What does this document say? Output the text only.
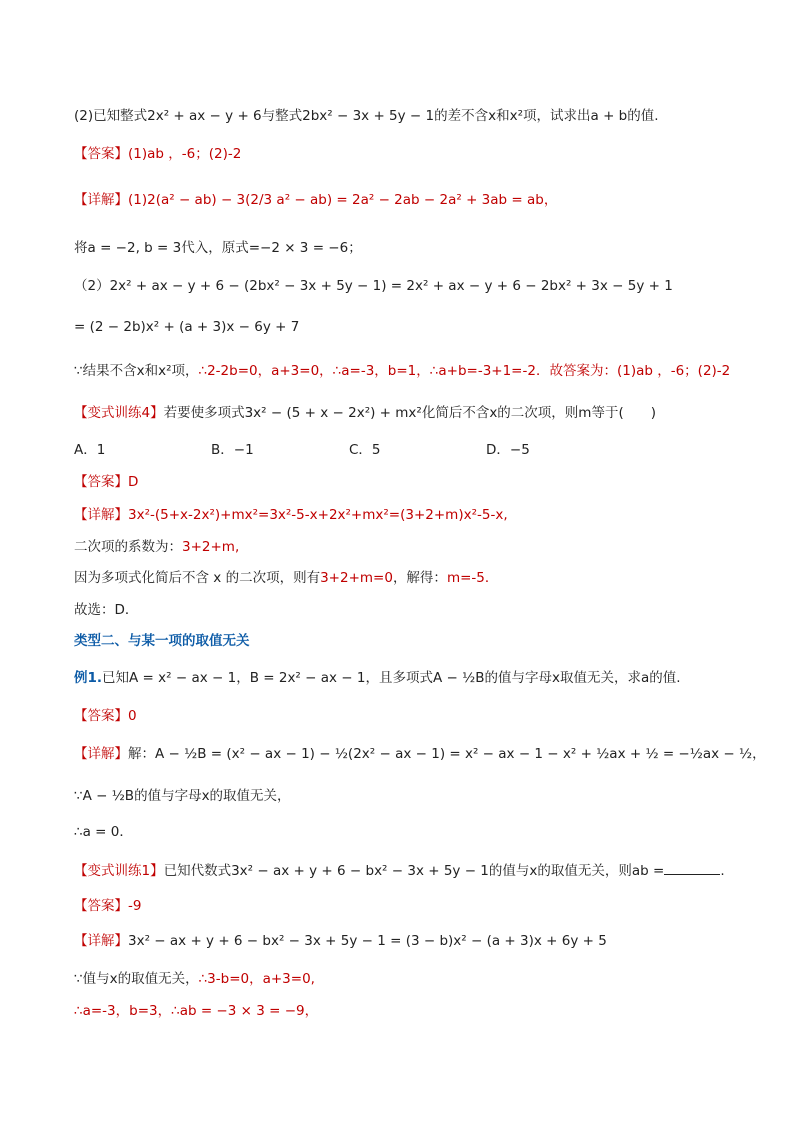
(2)已知整式2x² + ax − y + 6与整式2bx² − 3x + 5y − 1的差不含x和x²项，试求出a + b的值.
【答案】(1)ab ，-6；(2)-2
【详解】(1)2(a² − ab) − 3(2/3 a² − ab) = 2a² − 2ab − 2a² + 3ab = ab，
将a = −2, b = 3代入，原式=−2 × 3 = −6；
（2）2x² + ax − y + 6 − (2bx² − 3x + 5y − 1) = 2x² + ax − y + 6 − 2bx² + 3x − 5y + 1
= (2 − 2b)x² + (a + 3)x − 6y + 7
∵结果不含x和x²项，∴2-2b=0，a+3=0，∴a=-3，b=1，∴a+b=-3+1=-2．故答案为：(1)ab ，-6；(2)-2
【变式训练4】若要使多项式3x² − (5 + x − 2x²) + mx²化简后不含x的二次项，则m等于(　　)
A．1	B．−1	C．5	D．−5
【答案】D
【详解】3x²-(5+x-2x²)+mx²=3x²-5-x+2x²+mx²=(3+2+m)x²-5-x,
二次项的系数为：3+2+m,
因为多项式化简后不含 x 的二次项，则有3+2+m=0，解得：m=-5．
故选：D．
类型二、与某一项的取值无关
例1.已知A = x² − ax − 1，B = 2x² − ax − 1，且多项式A − ½B的值与字母x取值无关，求a的值.
【答案】0
【详解】解：A − ½B = (x² − ax − 1) − ½(2x² − ax − 1) = x² − ax − 1 − x² + ½ax + ½ = −½ax − ½，
∵A − ½B的值与字母x的取值无关，
∴a = 0．
【变式训练1】已知代数式3x² − ax + y + 6 − bx² − 3x + 5y − 1的值与x的取值无关，则ab =	.
【答案】-9
【详解】3x² − ax + y + 6 − bx² − 3x + 5y − 1 = (3 − b)x² − (a + 3)x + 6y + 5
∵值与x的取值无关，∴3-b=0，a+3=0,
∴a=-3，b=3，∴ab = −3 × 3 = −9，
